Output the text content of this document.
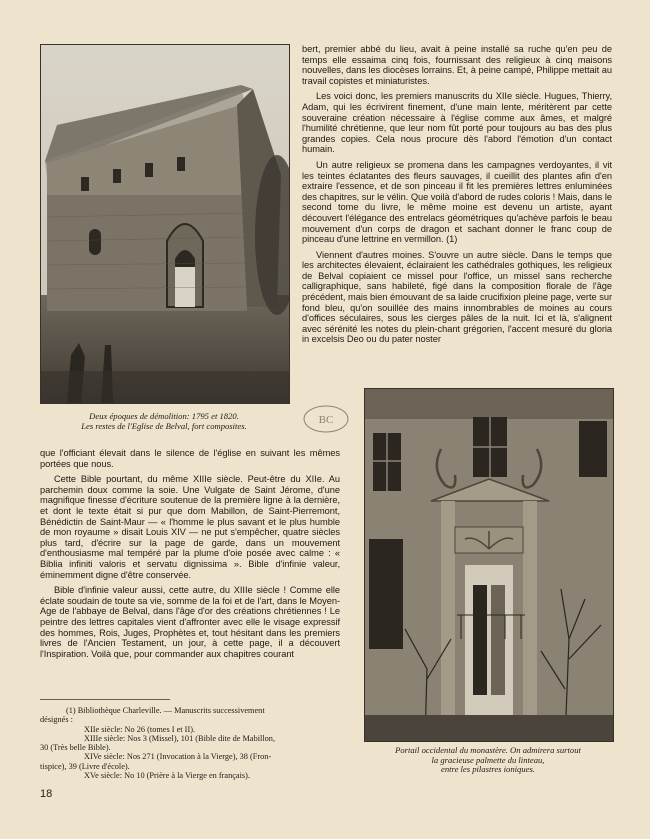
Deux époques de démolition: 1795 et 1820.
Les restes de l'Eglise de Belval, fort composites.	BC

bert, premier abbé du lieu, avait à peine installé sa ruche qu'en peu de temps elle essaima cinq fois, fournissant des religieux à cinq maisons nouvelles, dans les diocèses lorrains. Et, à peine campé, Philippe mettait au travail copistes et miniaturistes.

Les voici donc, les premiers manuscrits du XIIe siècle. Hugues, Thierry, Adam, qui les écrivirent finement, d'une main lente, méritèrent par cette souveraine création nécessaire à l'église comme aux âmes, et malgré l'humilité chrétienne, que leur nom fût porté pour toujours au bas des plus grandes copies. Cela nous procure dès l'abord l'émotion d'un contact humain.

Un autre religieux se promena dans les campagnes verdoyantes, il vit les teintes éclatantes des fleurs sauvages, il cueillit des plantes afin d'en extraire l'essence, et de son pinceau il fit les premières lettres enluminées des chapitres, sur le vélin. Que voilà d'abord de rudes coloris ! Mais, dans le second tome du livre, le même moine est devenu un artiste, ayant découvert l'élégance des entrelacs géométriques qu'achève parfois le beau mouvement d'un corps de dragon et sachant donner le franc coup de pinceau d'une lettrine en vermillon. (1)

Viennent d'autres moines. S'ouvre un autre siècle. Dans le temps que les architectes élevaient, éclairaient les cathédrales gothiques, les religieux de Belval copiaient ce missel pour l'office, un missel sans recherche calligraphique, sans habileté, figé dans la composition florale de l'âge précédent, mais bien émouvant de sa laide crucifixion pleine page, verte sur fond bleu, qu'on souillée des mains innombrables de moines au cours d'offices séculaires, sous les cierges pâles de la nuit. Ici et là, s'alignent avec sérénité les notes du plein-chant grégorien, l'accent mesuré du gloria in excelsis Deo ou du pater noster

que l'officiant élevait dans le silence de l'église en suivant les mêmes portées que nous.

Cette Bible pourtant, du même XIIIe siècle. Peut-être du XIIe. Au parchemin doux comme la soie. Une Vulgate de Saint Jérome, d'une magnifique finesse d'écriture soutenue de la première ligne à la dernière, et dont le texte était si pur que dom Mabillon, de Saint-Pierremont, Bénédictin de Saint-Maur — « l'homme le plus savant et le plus humble de mon royaume » disait Louis XIV — ne put s'empêcher, quatre siècles plus tard, d'écrire sur la page de garde, dans un mouvement d'enthousiasme mal tempéré par la plume d'oie posée avec calme : « Biblia infiniti valoris et servatu dignissima ». Bible d'infinie valeur, éminemment digne d'être conservée.

Bible d'infinie valeur aussi, cette autre, du XIIIe siècle ! Comme elle éclate soudain de toute sa vie, somme de la foi et de l'art, dans le Moyen-Age de l'abbaye de Belval, dans l'âge d'or des créations chrétiennes ! Le peintre des lettres capitales vient d'affronter avec elle le visage expressif des hommes, Rois, Juges, Prophètes et, tout hésitant dans les premiers livres de l'Ancien Testament, un jour, à cette page, il a découvert l'Inspiration. Voilà que, pour commander aux chapitres courant

Portail occidental du monastère. On admirera surtout
la gracieuse palmette du linteau,
entre les pilastres ioniques.
(1) Bibliothèque Charleville. — Manuscrits successivement
désignés :
XIIe siècle: No 26 (tomes I et II).
XIIIe siècle: Nos 3 (Missel), 101 (Bible dite de Mabillon,
30 (Très belle Bible).
XIVe siècle: Nos 271 (Invocation à la Vierge), 38 (Fron-
tispice), 39 (Livre d'école).
XVe siècle: No 10 (Prière à la Vierge en français).
18
